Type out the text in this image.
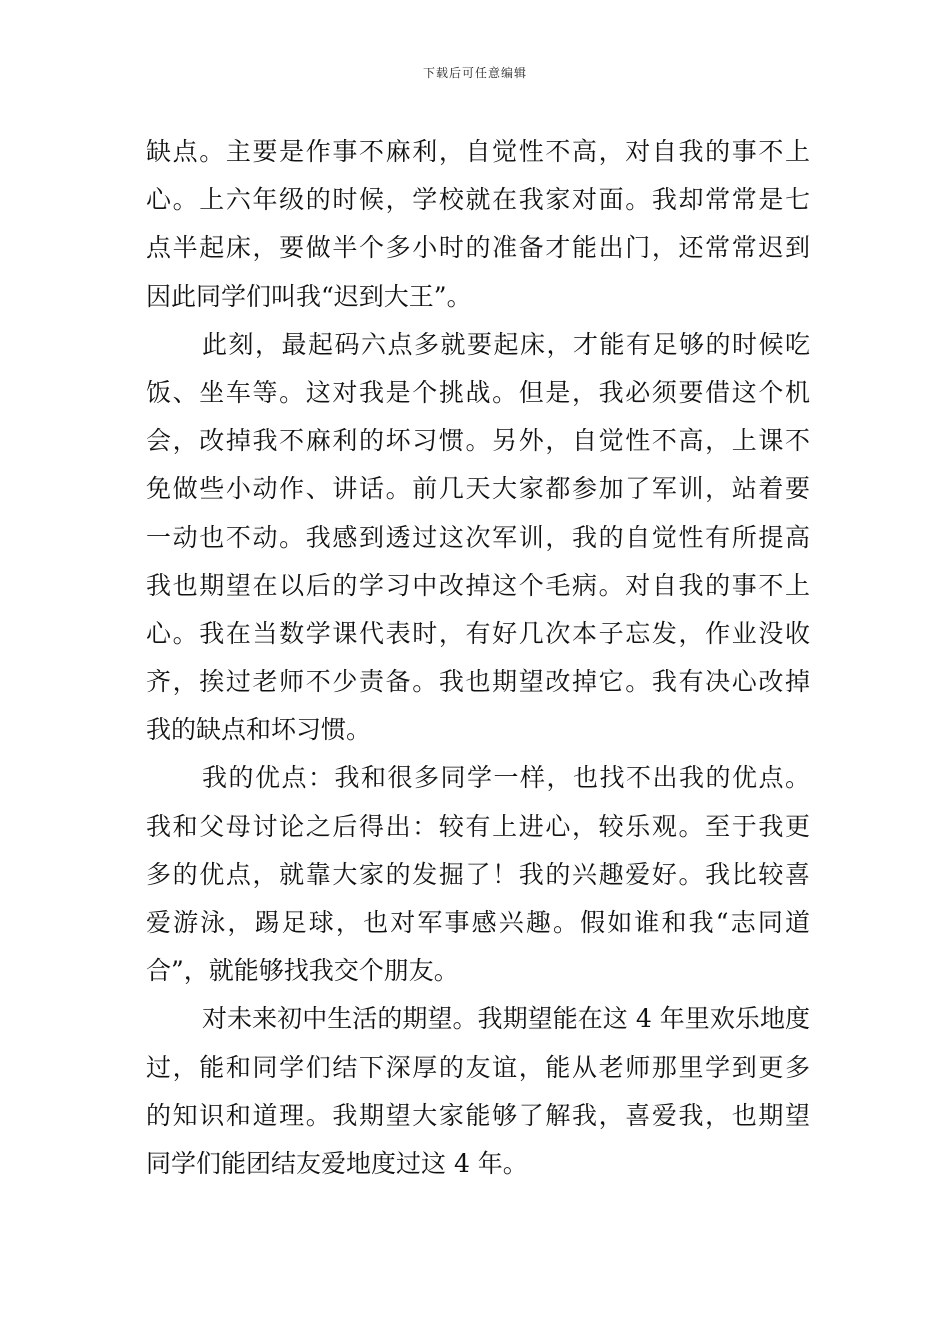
下载后可任意编辑
缺点。主要是作事不麻利，自觉性不高，对自我的事不上
心。上六年级的时候，学校就在我家对面。我却常常是七
点半起床，要做半个多小时的准备才能出门，还常常迟到
因此同学们叫我“迟到大王”。
此刻，最起码六点多就要起床，才能有足够的时候吃
饭、坐车等。这对我是个挑战。但是，我必须要借这个机
会，改掉我不麻利的坏习惯。另外，自觉性不高，上课不
免做些小动作、讲话。前几天大家都参加了军训，站着要
一动也不动。我感到透过这次军训，我的自觉性有所提高
我也期望在以后的学习中改掉这个毛病。对自我的事不上
心。我在当数学课代表时，有好几次本子忘发，作业没收
齐，挨过老师不少责备。我也期望改掉它。我有决心改掉
我的缺点和坏习惯。
我的优点：我和很多同学一样，也找不出我的优点。
我和父母讨论之后得出：较有上进心，较乐观。至于我更
多的优点，就靠大家的发掘了！我的兴趣爱好。我比较喜
爱游泳，踢足球，也对军事感兴趣。假如谁和我“志同道
合”，就能够找我交个朋友。
对未来初中生活的期望。我期望能在这 4 年里欢乐地度
过，能和同学们结下深厚的友谊，能从老师那里学到更多
的知识和道理。我期望大家能够了解我，喜爱我，也期望
同学们能团结友爱地度过这 4 年。
